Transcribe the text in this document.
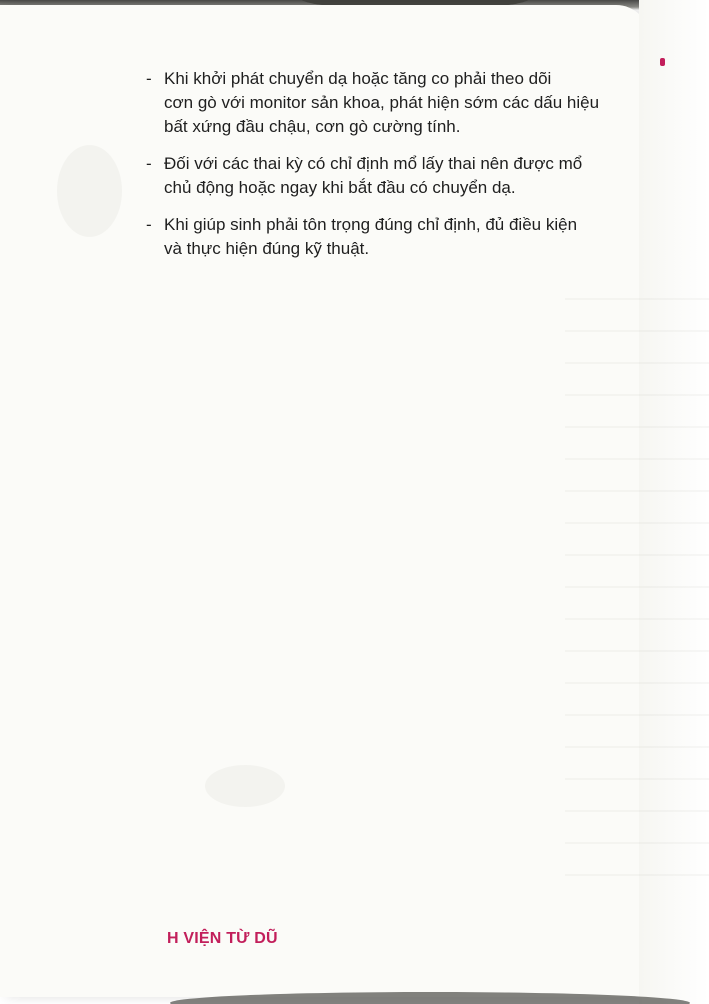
- Khi khởi phát chuyển dạ hoặc tăng co phải theo dõi
cơn gò với monitor sản khoa, phát hiện sớm các dấu hiệu
bất xứng đầu chậu, cơn gò cường tính.
- Đối với các thai kỳ có chỉ định mổ lấy thai nên được mổ
chủ động hoặc ngay khi bắt đầu có chuyển dạ.
- Khi giúp sinh phải tôn trọng đúng chỉ định, đủ điều kiện
và thực hiện đúng kỹ thuật.
H VIỆN TỪ DŨ
